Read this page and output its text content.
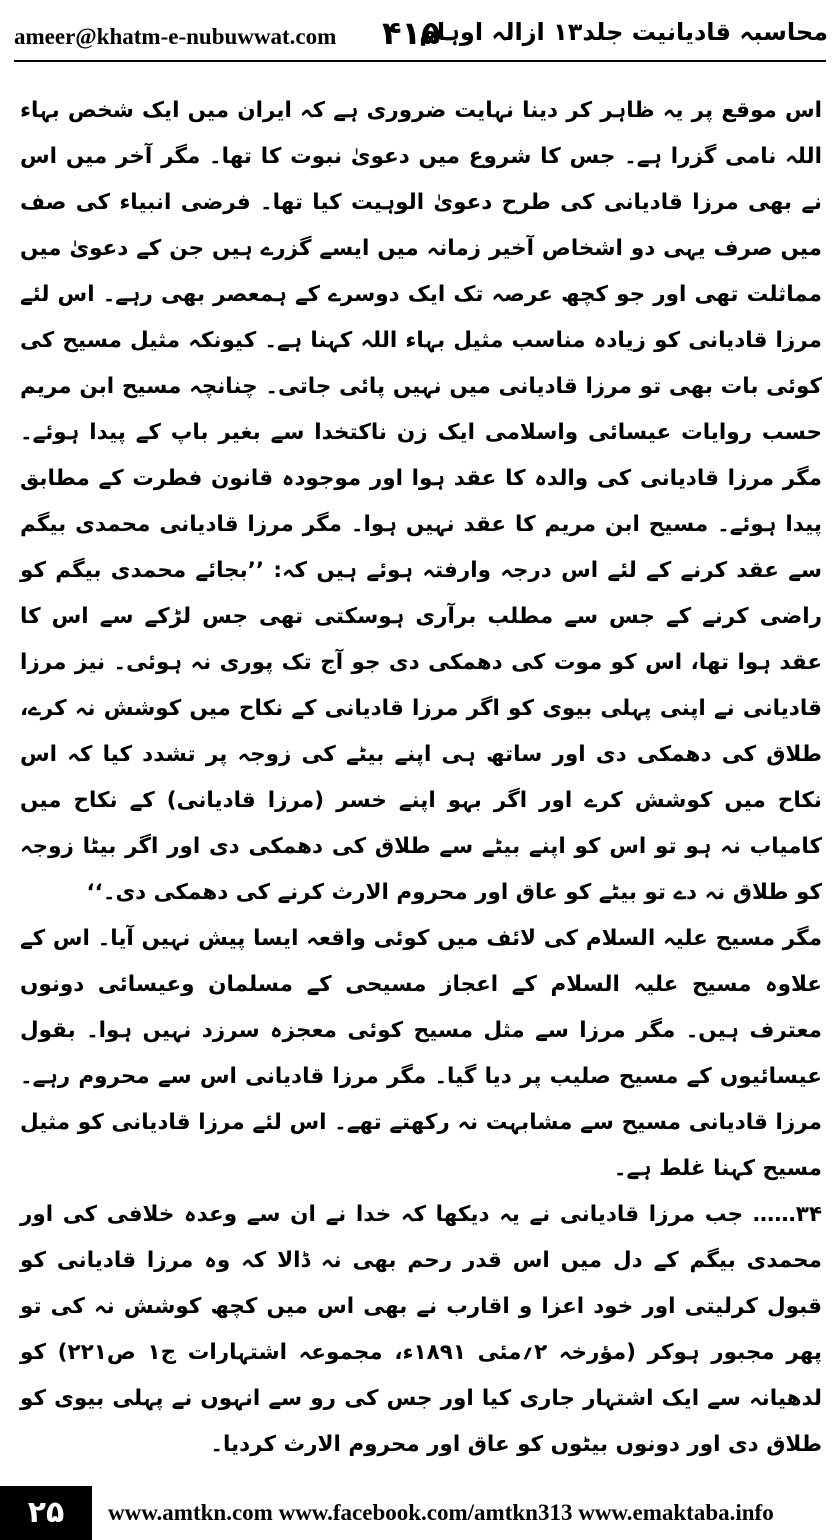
ameer@khatm-e-nubuwwat.com ۴۱۵
محاسبہ قادیانیت جلد۱۳ ازالہ اوہام

اس موقع پر یہ ظاہر کر دینا نہایت ضروری ہے کہ ایران میں ایک شخص بہاء اللہ نامی گزرا ہے۔ جس کا شروع میں دعویٰ نبوت کا تھا۔ مگر آخر میں اس نے بھی مرزا قادیانی کی طرح دعویٰ الوہیت کیا تھا۔ فرضی انبیاء کی صف میں صرف یہی دو اشخاص آخیر زمانہ میں ایسے گزرے ہیں جن کے دعویٰ میں مماثلت تھی اور جو کچھ عرصہ تک ایک دوسرے کے ہمعصر بھی رہے۔ اس لئے مرزا قادیانی کو زیادہ مناسب مثیل بہاء اللہ کہنا ہے۔ کیونکہ مثیل مسیح کی کوئی بات بھی تو مرزا قادیانی میں نہیں پائی جاتی۔ چنانچہ مسیح ابن مریم حسب روایات عیسائی واسلامی ایک زن ناکتخدا سے بغیر باپ کے پیدا ہوئے۔ مگر مرزا قادیانی کی والدہ کا عقد ہوا اور موجودہ قانون فطرت کے مطابق پیدا ہوئے۔ مسیح ابن مریم کا عقد نہیں ہوا۔ مگر مرزا قادیانی محمدی بیگم سے عقد کرنے کے لئے اس درجہ وارفتہ ہوئے ہیں کہ: ’’بجائے محمدی بیگم کو راضی کرنے کے جس سے مطلب برآری ہوسکتی تھی جس لڑکے سے اس کا عقد ہوا تھا، اس کو موت کی دھمکی دی جو آج تک پوری نہ ہوئی۔ نیز مرزا قادیانی نے اپنی پہلی بیوی کو اگر مرزا قادیانی کے نکاح میں کوشش نہ کرے، طلاق کی دھمکی دی اور ساتھ ہی اپنے بیٹے کی زوجہ پر تشدد کیا کہ اس نکاح میں کوشش کرے اور اگر بہو اپنے خسر (مرزا قادیانی) کے نکاح میں کامیاب نہ ہو تو اس کو اپنے بیٹے سے طلاق کی دھمکی دی اور اگر بیٹا زوجہ کو طلاق نہ دے تو بیٹے کو عاق اور محروم الارث کرنے کی دھمکی دی۔‘‘

مگر مسیح علیہ السلام کی لائف میں کوئی واقعہ ایسا پیش نہیں آیا۔ اس کے علاوہ مسیح علیہ السلام کے اعجاز مسیحی کے مسلمان وعیسائی دونوں معترف ہیں۔ مگر مرزا سے مثل مسیح کوئی معجزہ سرزد نہیں ہوا۔ بقول عیسائیوں کے مسیح صلیب پر دیا گیا۔ مگر مرزا قادیانی اس سے محروم رہے۔ مرزا قادیانی مسیح سے مشابہت نہ رکھتے تھے۔ اس لئے مرزا قادیانی کو مثیل مسیح کہنا غلط ہے۔

۳۴…… جب مرزا قادیانی نے یہ دیکھا کہ خدا نے ان سے وعدہ خلافی کی اور محمدی بیگم کے دل میں اس قدر رحم بھی نہ ڈالا کہ وہ مرزا قادیانی کو قبول کرلیتی اور خود اعزا و اقارب نے بھی اس میں کچھ کوشش نہ کی تو پھر مجبور ہوکر (مؤرخہ ۲؍مئی ۱۸۹۱ء، مجموعہ اشتہارات ج۱ ص۲۲۱) کو لدھیانہ سے ایک اشتہار جاری کیا اور جس کی رو سے انہوں نے پہلی بیوی کو طلاق دی اور دونوں بیٹوں کو عاق اور محروم الارث کردیا۔

۲۵	www.amtkn.com www.facebook.com/amtkn313 www.emaktaba.info
